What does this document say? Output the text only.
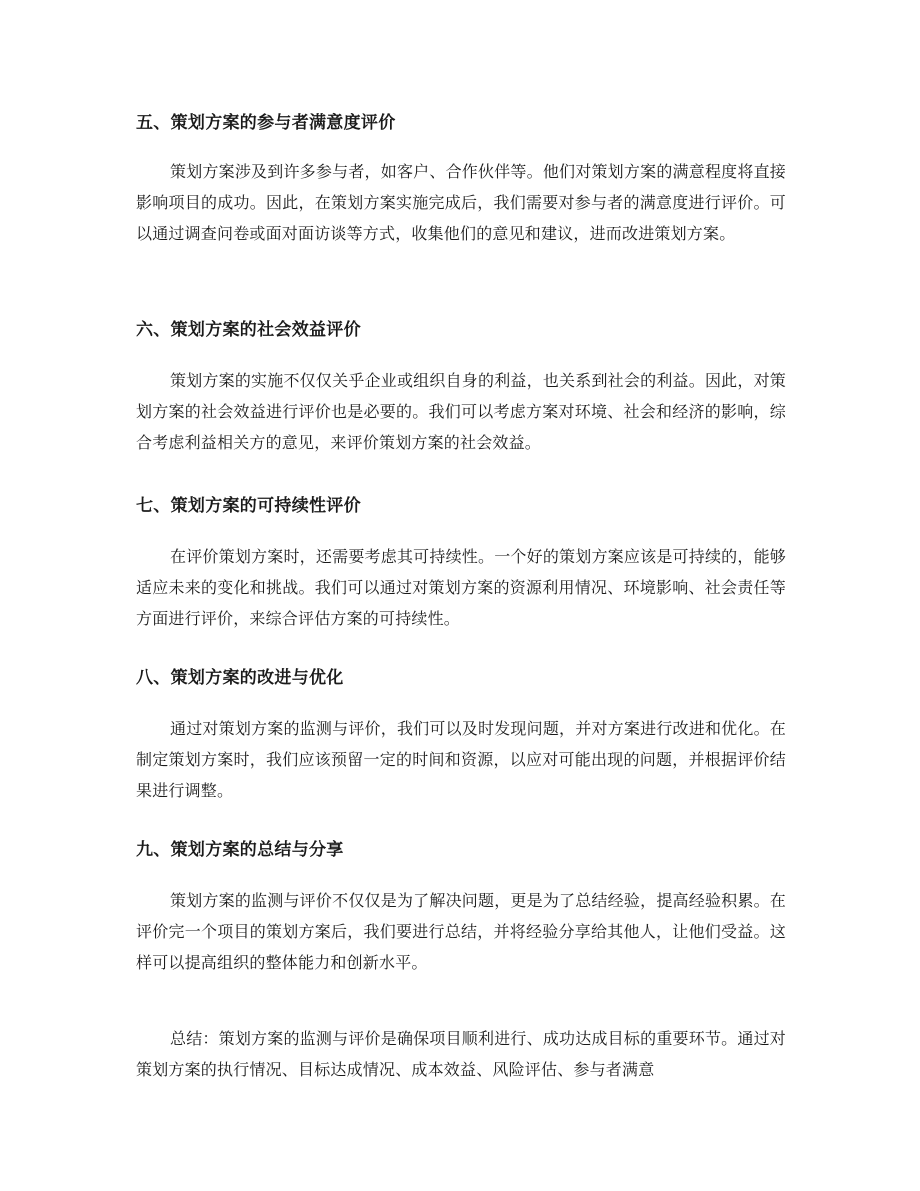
五、策划方案的参与者满意度评价

策划方案涉及到许多参与者，如客户、合作伙伴等。他们对策划方案的满意程度将直接影响项目的成功。因此，在策划方案实施完成后，我们需要对参与者的满意度进行评价。可以通过调查问卷或面对面访谈等方式，收集他们的意见和建议，进而改进策划方案。

六、策划方案的社会效益评价

策划方案的实施不仅仅关乎企业或组织自身的利益，也关系到社会的利益。因此，对策划方案的社会效益进行评价也是必要的。我们可以考虑方案对环境、社会和经济的影响，综合考虑利益相关方的意见，来评价策划方案的社会效益。

七、策划方案的可持续性评价

在评价策划方案时，还需要考虑其可持续性。一个好的策划方案应该是可持续的，能够适应未来的变化和挑战。我们可以通过对策划方案的资源利用情况、环境影响、社会责任等方面进行评价，来综合评估方案的可持续性。

八、策划方案的改进与优化

通过对策划方案的监测与评价，我们可以及时发现问题，并对方案进行改进和优化。在制定策划方案时，我们应该预留一定的时间和资源，以应对可能出现的问题，并根据评价结果进行调整。

九、策划方案的总结与分享

策划方案的监测与评价不仅仅是为了解决问题，更是为了总结经验，提高经验积累。在评价完一个项目的策划方案后，我们要进行总结，并将经验分享给其他人，让他们受益。这样可以提高组织的整体能力和创新水平。

总结：策划方案的监测与评价是确保项目顺利进行、成功达成目标的重要环节。通过对策划方案的执行情况、目标达成情况、成本效益、风险评估、参与者满意
